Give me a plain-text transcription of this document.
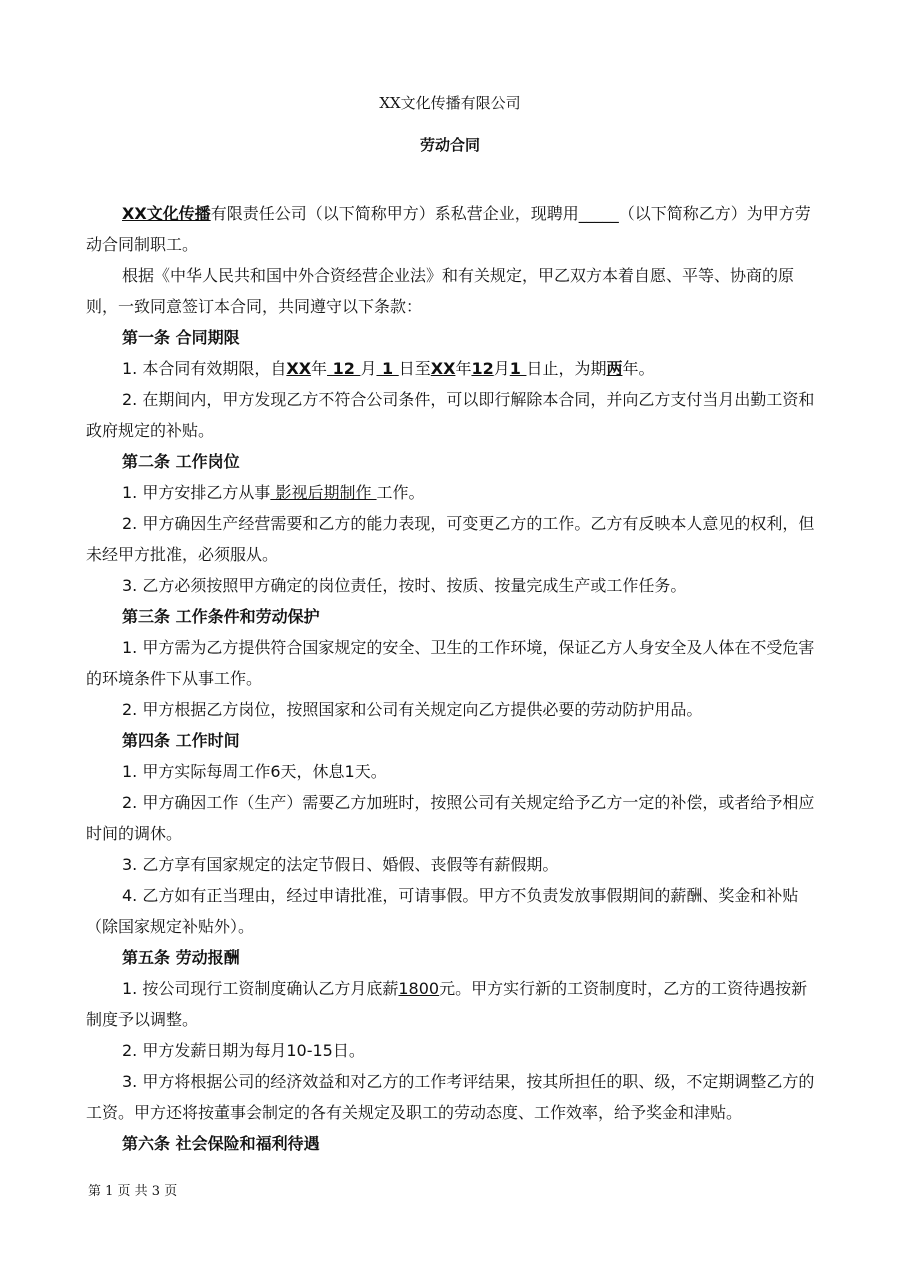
XX文化传播有限公司
劳动合同

XX文化传播有限责任公司（以下简称甲方）系私营企业，现聘用_____（以下简称乙方）为甲方劳动合同制职工。

根据《中华人民共和国中外合资经营企业法》和有关规定，甲乙双方本着自愿、平等、协商的原则，一致同意签订本合同，共同遵守以下条款：

第一条 合同期限

1. 本合同有效期限，自XX年 12 月 1 日至XX年12月1 日止，为期两年。

2. 在期间内，甲方发现乙方不符合公司条件，可以即行解除本合同，并向乙方支付当月出勤工资和政府规定的补贴。

第二条 工作岗位

1. 甲方安排乙方从事 影视后期制作 工作。

2. 甲方确因生产经营需要和乙方的能力表现，可变更乙方的工作。乙方有反映本人意见的权利，但未经甲方批准，必须服从。

3. 乙方必须按照甲方确定的岗位责任，按时、按质、按量完成生产或工作任务。

第三条 工作条件和劳动保护

1. 甲方需为乙方提供符合国家规定的安全、卫生的工作环境，保证乙方人身安全及人体在不受危害的环境条件下从事工作。

2. 甲方根据乙方岗位，按照国家和公司有关规定向乙方提供必要的劳动防护用品。

第四条 工作时间

1. 甲方实际每周工作6天，休息1天。

2. 甲方确因工作（生产）需要乙方加班时，按照公司有关规定给予乙方一定的补偿，或者给予相应时间的调休。

3. 乙方享有国家规定的法定节假日、婚假、丧假等有薪假期。

4. 乙方如有正当理由，经过申请批准，可请事假。甲方不负责发放事假期间的薪酬、奖金和补贴（除国家规定补贴外）。

第五条 劳动报酬

1. 按公司现行工资制度确认乙方月底薪1800元。甲方实行新的工资制度时，乙方的工资待遇按新制度予以调整。

2. 甲方发薪日期为每月10-15日。

3. 甲方将根据公司的经济效益和对乙方的工作考评结果，按其所担任的职、级，不定期调整乙方的工资。甲方还将按董事会制定的各有关规定及职工的劳动态度、工作效率，给予奖金和津贴。

第六条 社会保险和福利待遇

第 1 页 共 3 页
